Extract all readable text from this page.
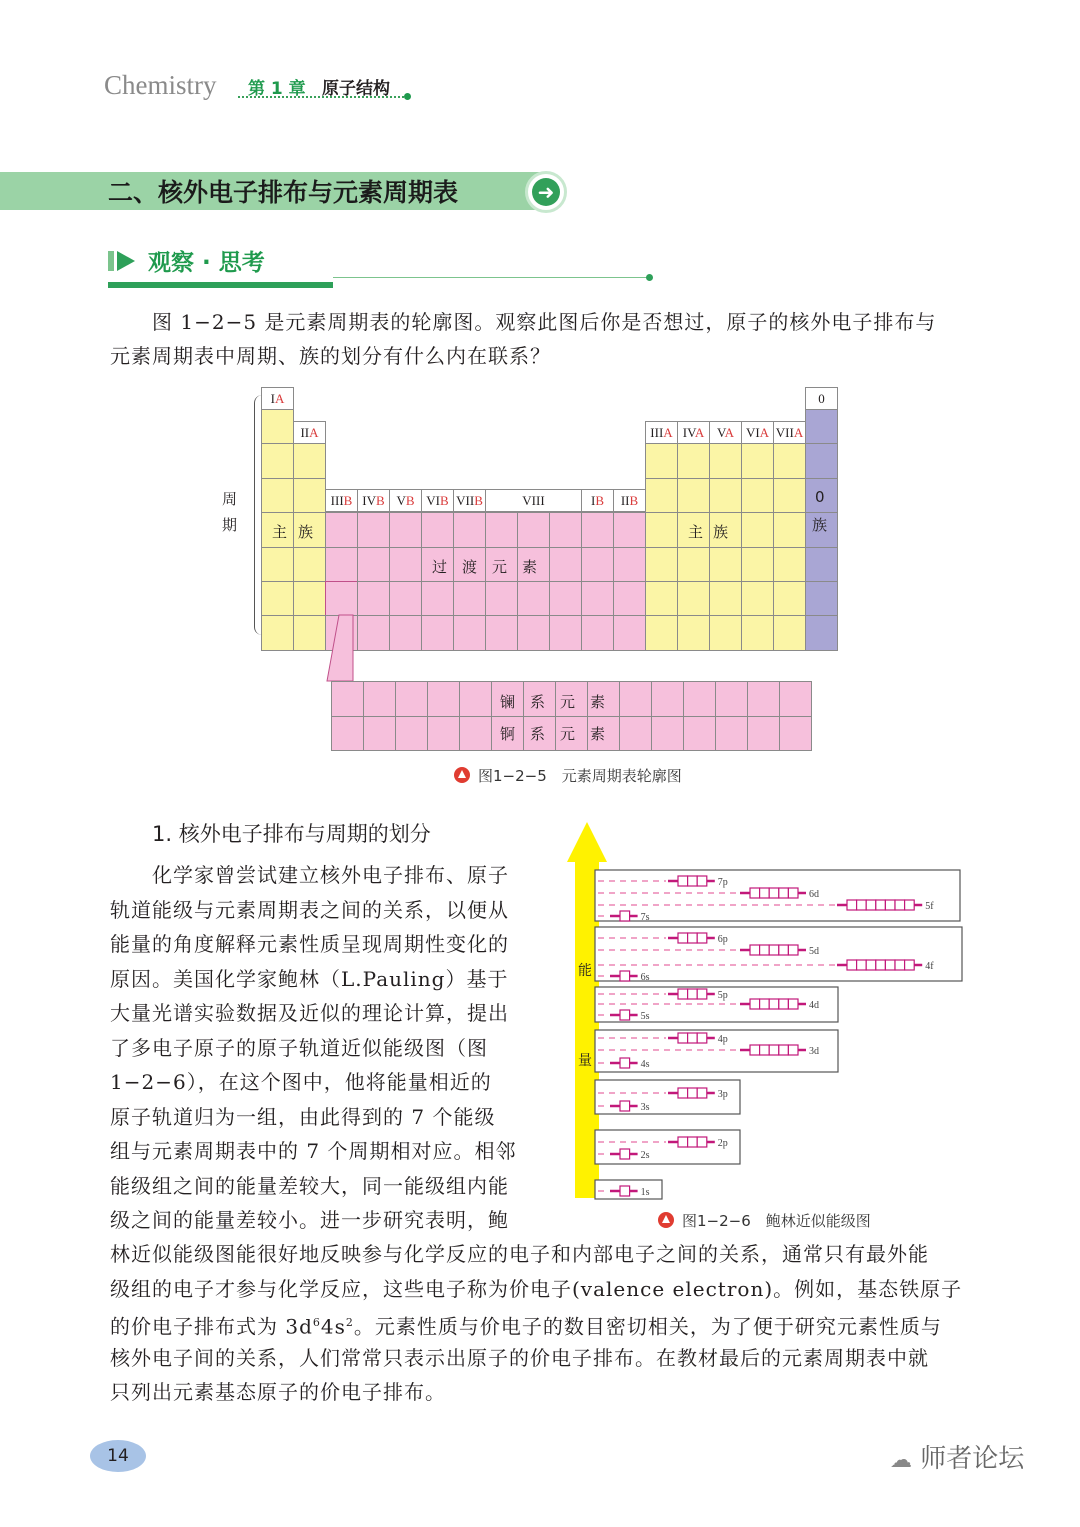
Chemistry 第 1 章 原子结构
二、核外电子排布与元素周期表	➜
观察 · 思考
图 1−2−5 是元素周期表的轮廓图。观察此图后你是否想过，原子的核外电子排布与
元素周期表中周期、族的划分有什么内在联系？
IA
IIA	IIIA IVA VA VIA VIIA
0
IIIB IVB VB VIB VIIB	VIII	IB	IIB
周
期 主 族
过　渡　元　素
主 族
0
族
镧　系　元　素
锕　系　元　素
图1−2−5　元素周期表轮廓图
1. 核外电子排布与周期的划分
化学家曾尝试建立核外电子排布、原子
轨道能级与元素周期表之间的关系，以便从
能量的角度解释元素性质呈现周期性变化的
原因。美国化学家鲍林（L.Pauling）基于
大量光谱实验数据及近似的理论计算，提出
了多电子原子的原子轨道近似能级图（图
1−2−6），在这个图中，他将能量相近的
原子轨道归为一组，由此得到的 7 个能级
组与元素周期表中的 7 个周期相对应。相邻
能级组之间的能量差较大，同一能级组内能
级之间的能量差较小。进一步研究表明，鲍
7p
6d
5f
7s
6p
5d
4f
6s
5p
4d
5s
4p
3d
4s
3p
3s
2p
2s
1s
能
量
图1−2−6　鲍林近似能级图
林近似能级图能很好地反映参与化学反应的电子和内部电子之间的关系，通常只有最外能
级组的电子才参与化学反应，这些电子称为价电子(valence electron)。例如，基态铁原子
的价电子排布式为 $3d^64s^2$。元素性质与价电子的数目密切相关，为了便于研究元素性质与
核外电子间的关系，人们常常只表示出原子的价电子排布。在教材最后的元素周期表中就
只列出元素基态原子的价电子排布。
14	☁ 师者论坛
